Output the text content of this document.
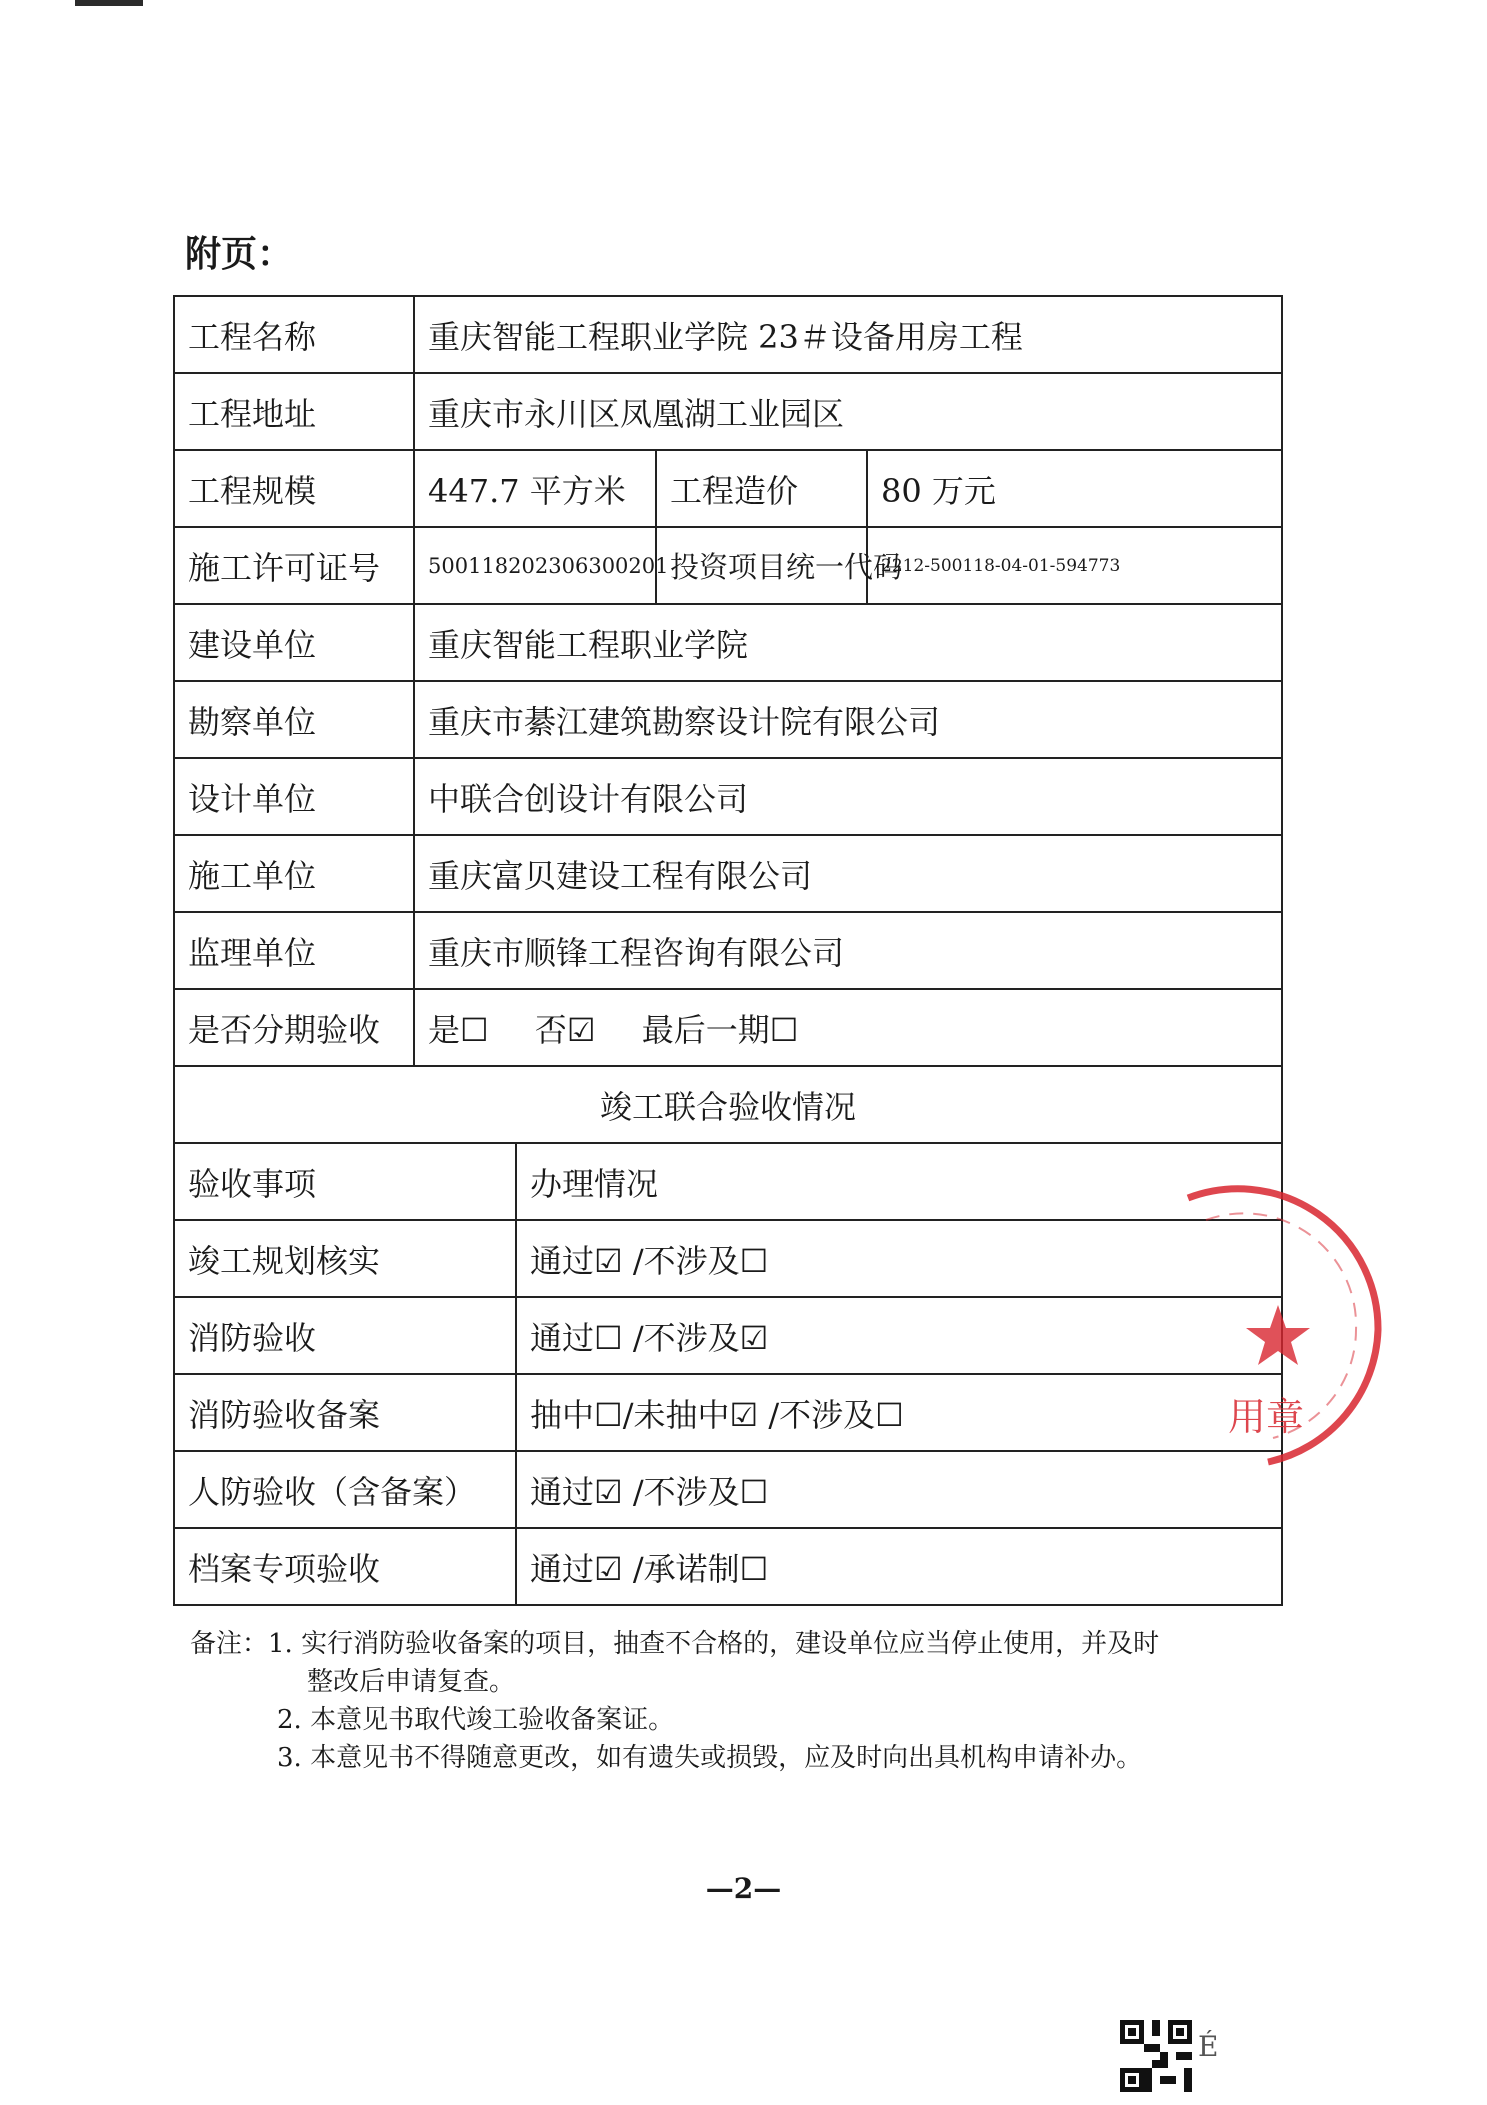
附页：
工程名称	重庆智能工程职业学院 23＃设备用房工程			
工程地址	重庆市永川区凤凰湖工业园区			
工程规模	447.7 平方米		工程造价	80 万元
施工许可证号	500118202306300201		投资项目统一代码	2212-500118-04-01-594773
建设单位	重庆智能工程职业学院			
勘察单位	重庆市綦江建筑勘察设计院有限公司			
设计单位	中联合创设计有限公司			
施工单位	重庆富贝建设工程有限公司			
监理单位	重庆市顺锋工程咨询有限公司			
是否分期验收	是☐ 否☑ 最后一期☐			
竣工联合验收情况				
验收事项		办理情况		
竣工规划核实		通过☑ /不涉及☐		
消防验收		通过☐ /不涉及☑		
消防验收备案		抽中☐/未抽中☑ /不涉及☐		
人防验收（含备案）		通过☑ /不涉及☐		
档案专项验收		通过☑ /承诺制☐		
用章
备注：1. 实行消防验收备案的项目，抽查不合格的，建设单位应当停止使用，并及时
整改后申请复查。
2. 本意见书取代竣工验收备案证。
3. 本意见书不得随意更改，如有遗失或损毁，应及时向出具机构申请补办。
—2—
É
